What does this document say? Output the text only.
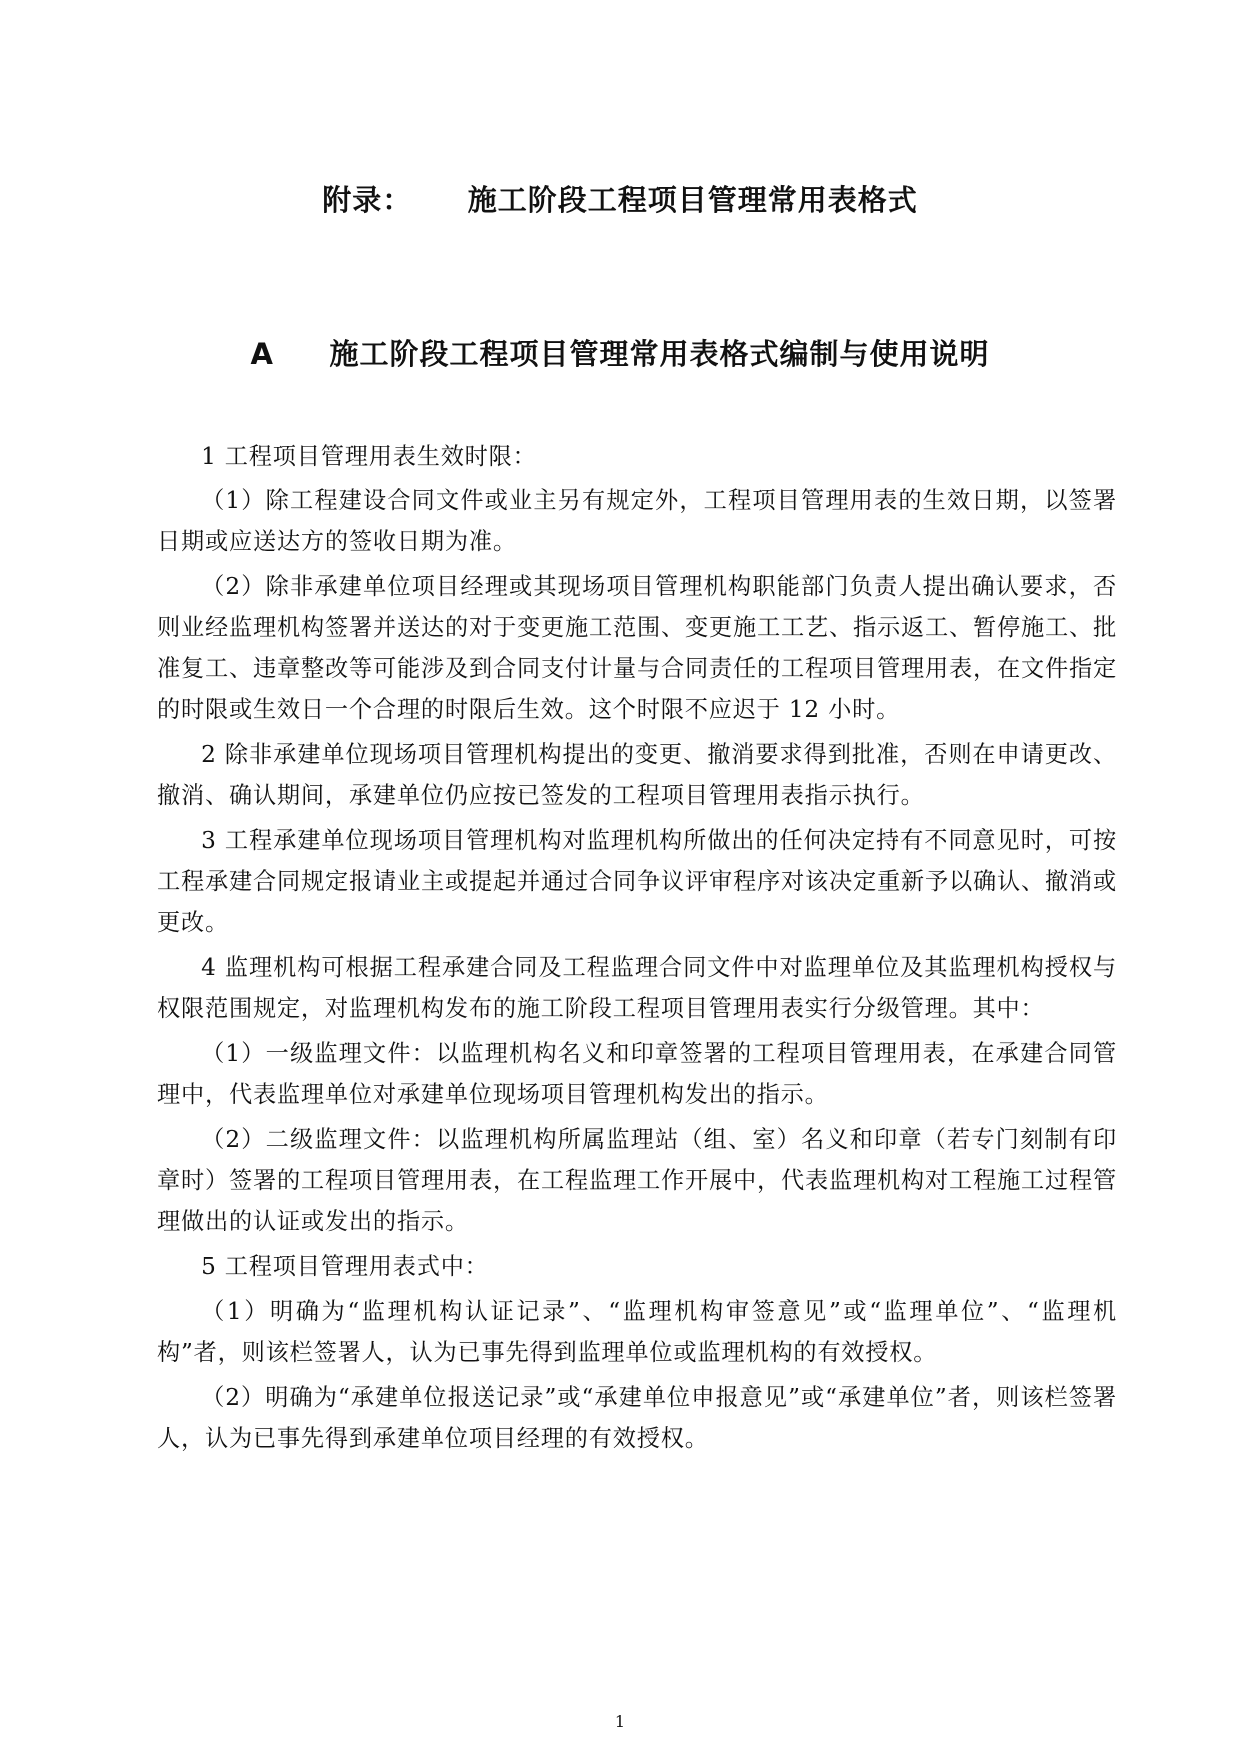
附录：     施工阶段工程项目管理常用表格式
A     施工阶段工程项目管理常用表格式编制与使用说明

1 工程项目管理用表生效时限：

（1）除工程建设合同文件或业主另有规定外，工程项目管理用表的生效日期，以签署日期或应送达方的签收日期为准。

（2）除非承建单位项目经理或其现场项目管理机构职能部门负责人提出确认要求，否则业经监理机构签署并送达的对于变更施工范围、变更施工工艺、指示返工、暂停施工、批准复工、违章整改等可能涉及到合同支付计量与合同责任的工程项目管理用表，在文件指定的时限或生效日一个合理的时限后生效。这个时限不应迟于 12 小时。

2 除非承建单位现场项目管理机构提出的变更、撤消要求得到批准，否则在申请更改、撤消、确认期间，承建单位仍应按已签发的工程项目管理用表指示执行。

3 工程承建单位现场项目管理机构对监理机构所做出的任何决定持有不同意见时，可按工程承建合同规定报请业主或提起并通过合同争议评审程序对该决定重新予以确认、撤消或更改。

4 监理机构可根据工程承建合同及工程监理合同文件中对监理单位及其监理机构授权与权限范围规定，对监理机构发布的施工阶段工程项目管理用表实行分级管理。其中：

（1）一级监理文件：以监理机构名义和印章签署的工程项目管理用表，在承建合同管理中，代表监理单位对承建单位现场项目管理机构发出的指示。

（2）二级监理文件：以监理机构所属监理站（组、室）名义和印章（若专门刻制有印章时）签署的工程项目管理用表，在工程监理工作开展中，代表监理机构对工程施工过程管理做出的认证或发出的指示。

5 工程项目管理用表式中：

（1）明确为“监理机构认证记录”、“监理机构审签意见”或“监理单位”、“监理机构”者，则该栏签署人，认为已事先得到监理单位或监理机构的有效授权。

（2）明确为“承建单位报送记录”或“承建单位申报意见”或“承建单位”者，则该栏签署人，认为已事先得到承建单位项目经理的有效授权。

1
